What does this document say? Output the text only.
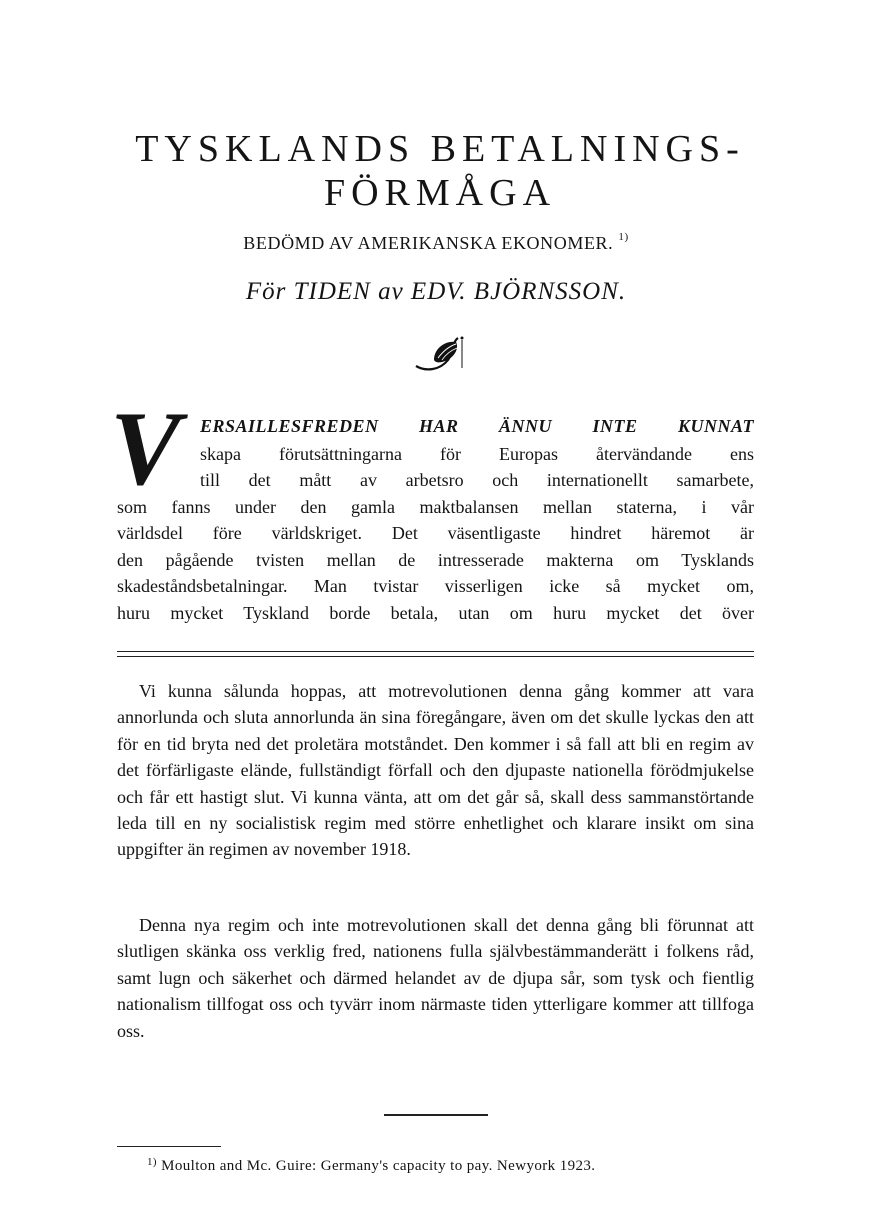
TYSKLANDS BETALNINGS-
FÖRMÅGA
BEDÖMD AV AMERIKANSKA EKONOMER. $^{1)}$
För TIDEN av EDV. BJÖRNSSON.
V ERSAILLESFREDEN HAR ÄNNU INTE KUNNAT
skapa förutsättningarna för Europas återvändande ens
till det mått av arbetsro och internationellt samarbete,
som fanns under den gamla maktbalansen mellan staterna, i vår
världsdel före världskriget. Det väsentligaste hindret häremot är
den pågående tvisten mellan de intresserade makterna om Tysklands
skadeståndsbetalningar. Man tvistar visserligen icke så mycket om,
huru mycket Tyskland borde betala, utan om huru mycket det över
Vi kunna sålunda hoppas, att motrevolutionen denna gång kommer att vara annorlunda och sluta annorlunda än sina föregångare, även om det skulle lyckas den att för en tid bryta ned det proletära motståndet. Den kommer i så fall att bli en regim av det förfärligaste elände, fullständigt förfall och den djupaste nationella förödmjukelse och får ett hastigt slut. Vi kunna vänta, att om det går så, skall dess sammanstörtande leda till en ny socialistisk regim med större enhetlighet och klarare insikt om sina uppgifter än regimen av november 1918.
Denna nya regim och inte motrevolutionen skall det denna gång bli förunnat att slutligen skänka oss verklig fred, nationens fulla självbestämmanderätt i folkens råd, samt lugn och säkerhet och därmed helandet av de djupa sår, som tysk och fientlig nationalism tillfogat oss och tyvärr inom närmaste tiden ytterligare kommer att tillfoga oss.
$^{1)}$ Moulton and Mc. Guire: Germany's capacity to pay. Newyork 1923.
